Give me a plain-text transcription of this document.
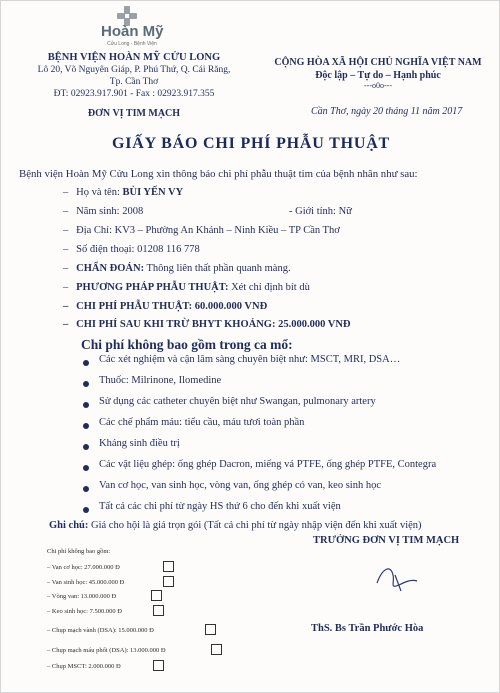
Hoàn Mỹ
Cửu Long - Bệnh Viện
BỆNH VIỆN HOÀN MỸ CỬU LONG
Lô 20, Võ Nguyên Giáp, P. Phú Thứ, Q. Cái Răng,
Tp. Cần Thơ
ĐT: 02923.917.901 - Fax : 02923.917.355
ĐƠN VỊ TIM MẠCH
CỘNG HÒA XÃ HỘI CHỦ NGHĨA VIỆT NAM
Độc lập – Tự do – Hạnh phúc
---o0o---
Cần Thơ, ngày 20 tháng 11 năm 2017
GIẤY BÁO CHI PHÍ PHẪU THUẬT
Bệnh viện Hoàn Mỹ Cửu Long xin thông báo chi phí phẫu thuật tim của bệnh nhân như sau:
–   Họ và tên: BÙI YẾN VY
–   Năm sinh: 2008	- Giới tính: Nữ
–   Địa Chỉ: KV3 – Phường An Khánh – Ninh Kiều – TP Cần Thơ
–   Số điện thoại: 01208 116 778
–   CHẨN ĐOÁN: Thông liên thất phần quanh màng.
–   PHƯƠNG PHÁP PHẪU THUẬT: Xét chỉ định bít dù
–   CHI PHÍ PHẪU THUẬT: 60.000.000 VNĐ
–   CHI PHÍ SAU KHI TRỪ BHYT KHOẢNG: 25.000.000 VNĐ
Chi phí không bao gồm trong ca mổ:
Các xét nghiệm và cận lâm sàng chuyên biệt như: MSCT, MRI, DSA…
Thuốc: Milrinone, Ilomedine
Sử dụng các catheter chuyên biệt như Swangan, pulmonary artery
Các chế phẩm máu: tiểu cầu, máu tươi toàn phần
Kháng sinh điều trị
Các vật liệu ghép: ống ghép Dacron, miếng vá PTFE, ống ghép PTFE, Contegra
Van cơ học, van sinh học, vòng van, ống ghép có van, keo sinh học
Tất cả các chi phí từ ngày HS thứ 6 cho đến khi xuất viện
Ghi chú: Giá cho hội là giá trọn gói (Tất cả chi phí từ ngày nhập viện đến khi xuất viện)
TRƯỞNG ĐƠN VỊ TIM MẠCH
ThS. Bs Trần Phước Hòa
Chi phí không bao gồm:
– Van cơ học: 27.000.000 Đ
– Van sinh học: 45.000.000 Đ
– Vòng van: 13.000.000 Đ
– Keo sinh học: 7.500.000 Đ
– Chụp mạch vành (DSA): 15.000.000 Đ
– Chụp mạch máu phổi (DSA): 13.000.000 Đ
– Chụp MSCT: 2.000.000 Đ
